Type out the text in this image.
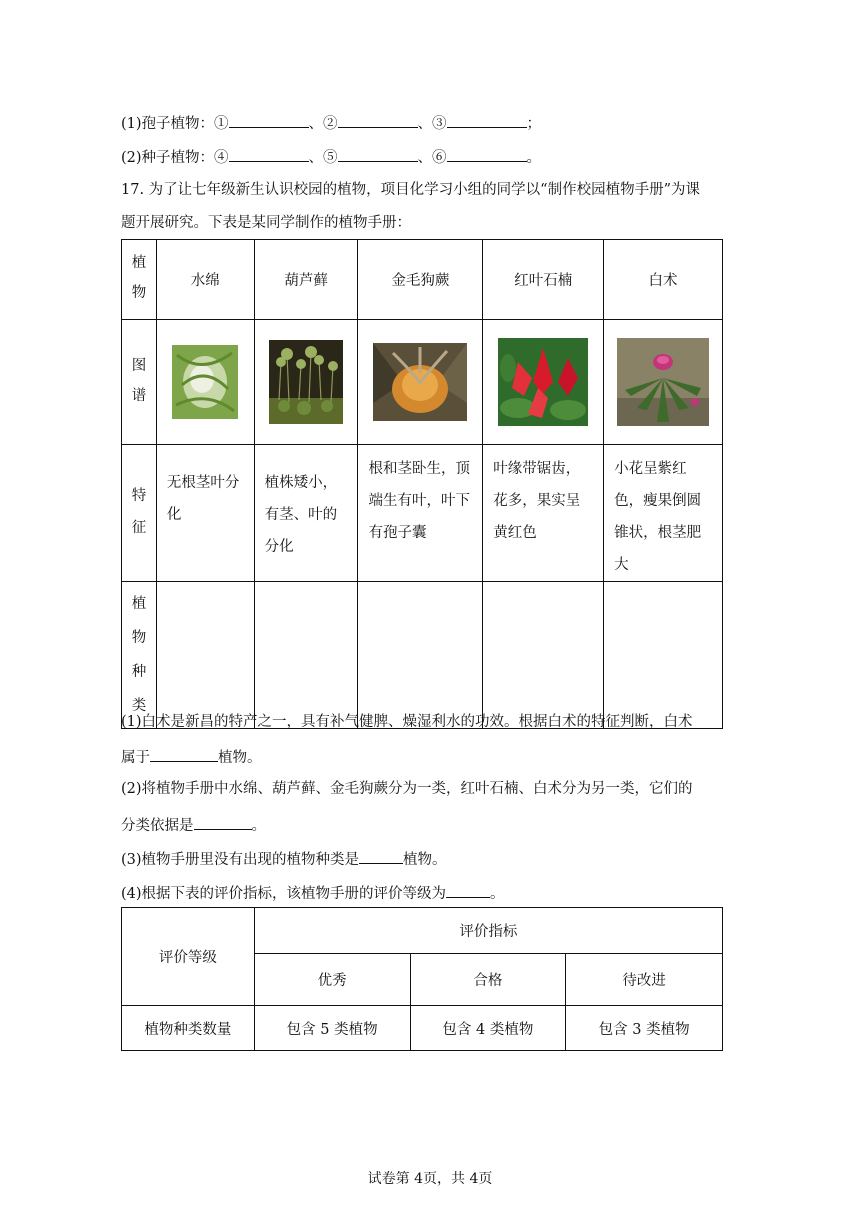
(1)孢子植物：①	、②	、③	；
(2)种子植物：④	、⑤	、⑥	。
17. 为了让七年级新生认识校园的植物，项目化学习小组的同学以“制作校园植物手册”为课
题开展研究。下表是某同学制作的植物手册：
植物	水绵	葫芦藓	金毛狗蕨	红叶石楠	白术
图谱	

特征	无根茎叶分化	植株矮小，有茎、叶的分化	根和茎卧生，顶端生有叶，叶下有孢子囊	叶缘带锯齿，花多，果实呈黄红色	小花呈紫红色，瘦果倒圆锥状，根茎肥大
植物种类					
(1)白术是新昌的特产之一，具有补气健脾、燥湿利水的功效。根据白术的特征判断，白术
属于	植物。
(2)将植物手册中水绵、葫芦藓、金毛狗蕨分为一类，红叶石楠、白术分为另一类，它们的
分类依据是	。
(3)植物手册里没有出现的植物种类是	植物。
(4)根据下表的评价指标，该植物手册的评价等级为	。
评价等级	评价指标		
	优秀	合格	待改进
植物种类数量	包含 5 类植物	包含 4 类植物	包含 3 类植物
试卷第 4页，共 4页
